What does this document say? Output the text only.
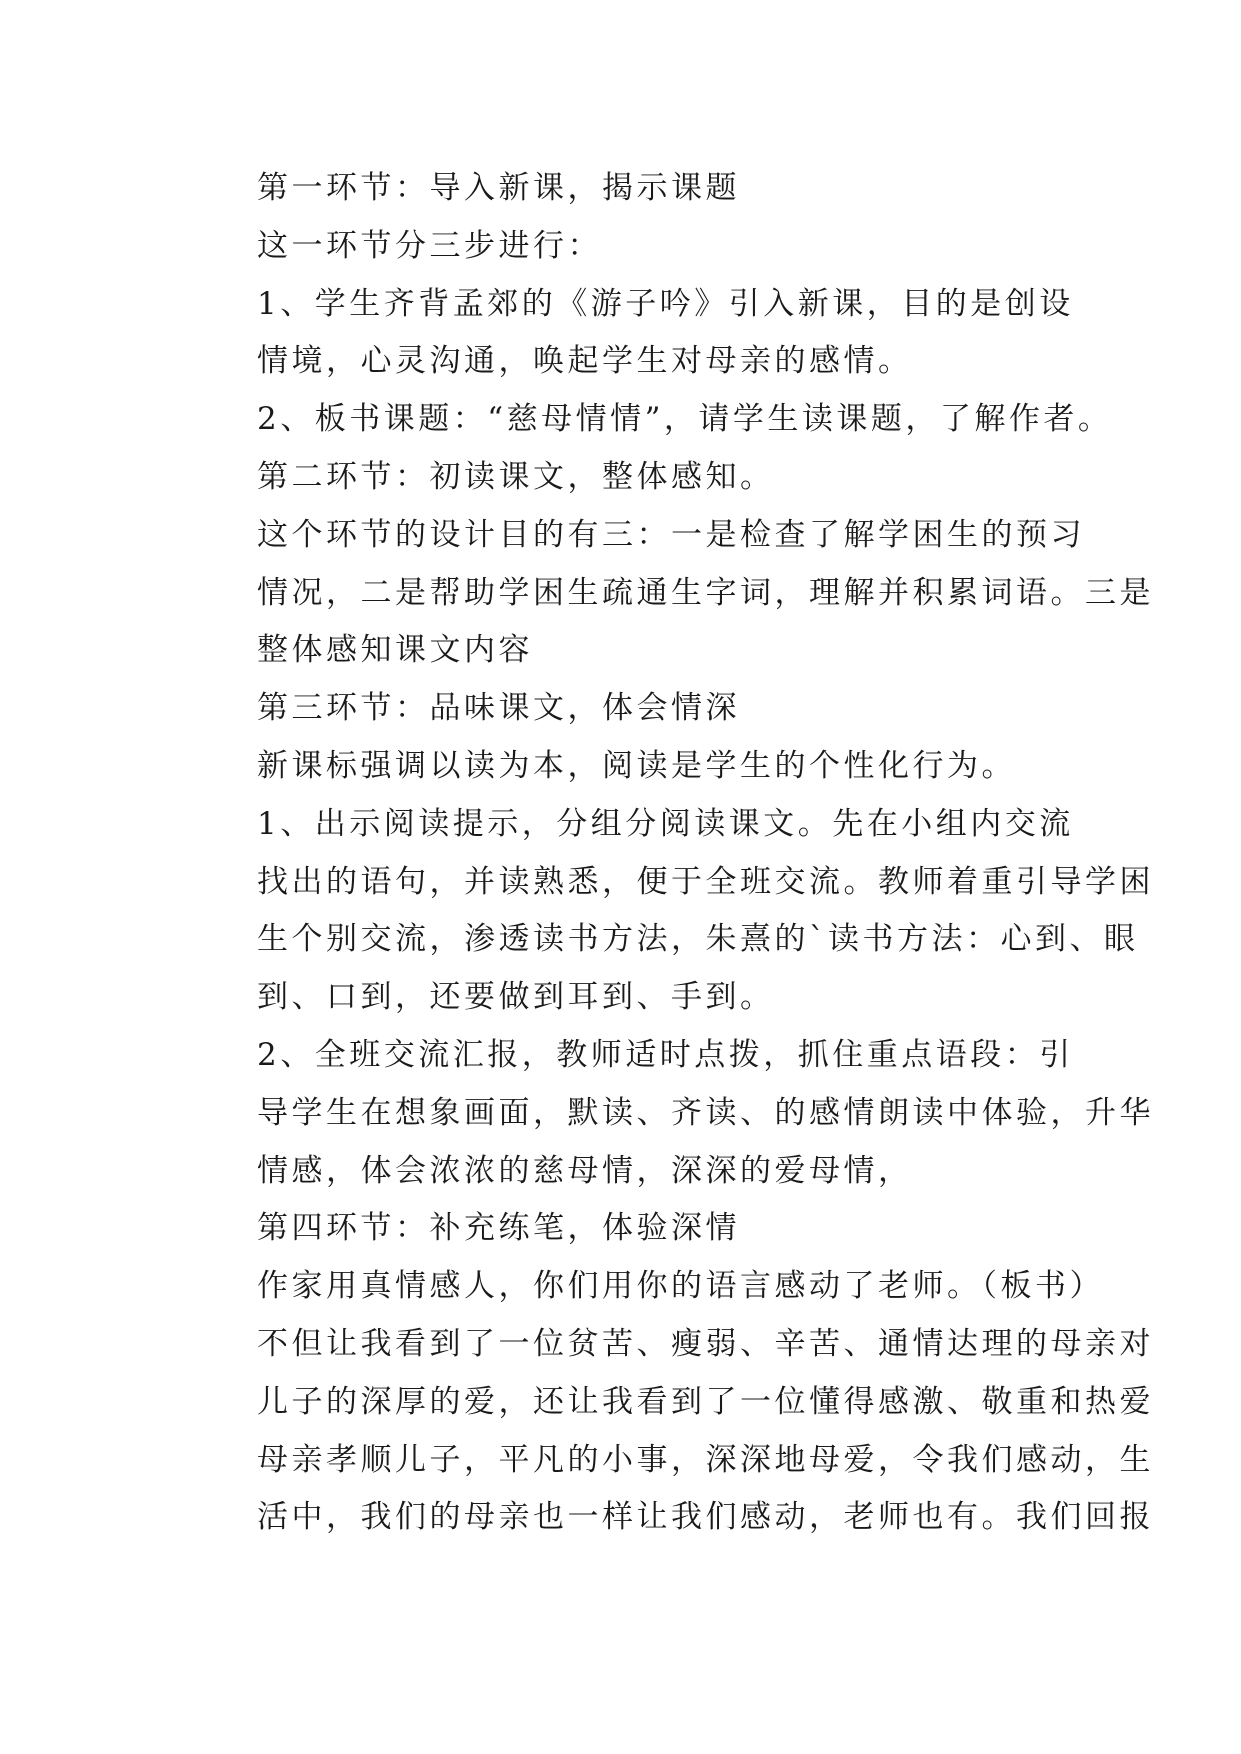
第一环节：导入新课，揭示课题

这一环节分三步进行：

1、学生齐背孟郊的《游子吟》引入新课，目的是创设
情境，心灵沟通，唤起学生对母亲的感情。

2、板书课题：“慈母情情”，请学生读课题，了解作者。

第二环节：初读课文，整体感知。

这个环节的设计目的有三：一是检查了解学困生的预习
情况，二是帮助学困生疏通生字词，理解并积累词语。三是
整体感知课文内容

第三环节：品味课文，体会情深

新课标强调以读为本，阅读是学生的个性化行为。

1、出示阅读提示，分组分阅读课文。先在小组内交流
找出的语句，并读熟悉，便于全班交流。教师着重引导学困
生个别交流，渗透读书方法，朱熹的`读书方法：心到、眼
到、口到，还要做到耳到、手到。

2、全班交流汇报，教师适时点拨，抓住重点语段：引
导学生在想象画面，默读、齐读、的感情朗读中体验，升华
情感，体会浓浓的慈母情，深深的爱母情，

第四环节：补充练笔，体验深情

作家用真情感人，你们用你的语言感动了老师。（板书）
不但让我看到了一位贫苦、瘦弱、辛苦、通情达理的母亲对
儿子的深厚的爱，还让我看到了一位懂得感激、敬重和热爱
母亲孝顺儿子，平凡的小事，深深地母爱，令我们感动，生
活中，我们的母亲也一样让我们感动，老师也有。我们回报
